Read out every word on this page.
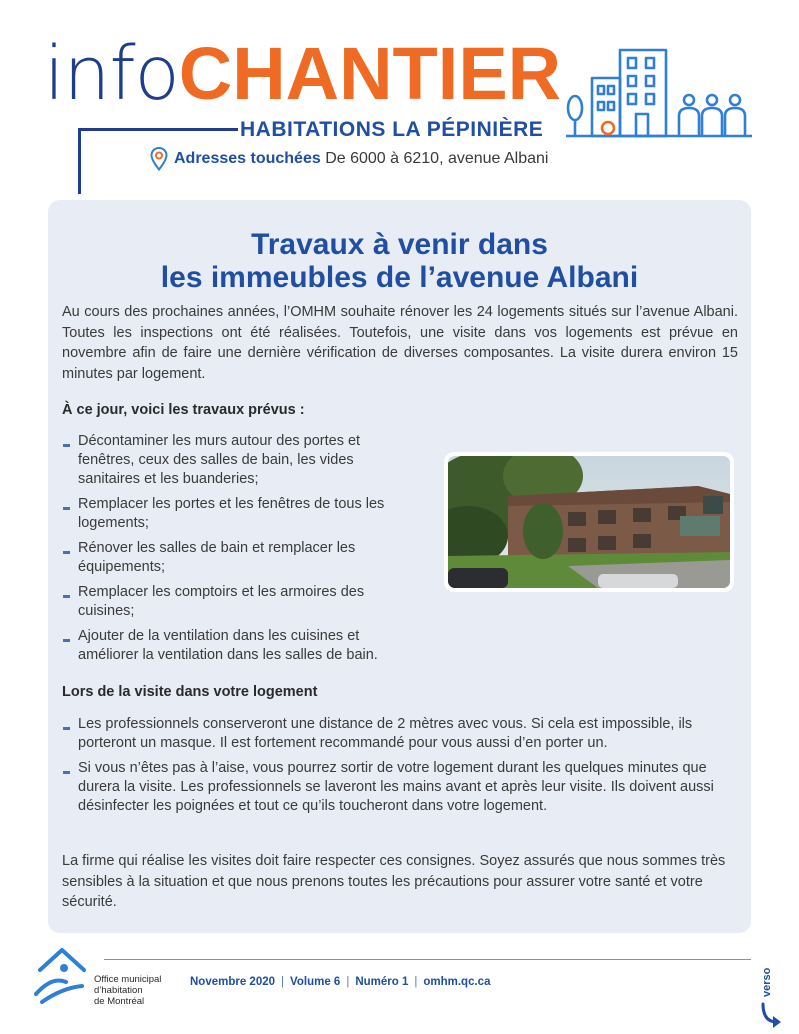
infoCHANTIER
HABITATIONS LA PÉPINIÈRE
Adresses touchées De 6000 à 6210, avenue Albani
Travaux à venir dans
les immeubles de l’avenue Albani
Au cours des prochaines années, l’OMHM souhaite rénover les 24 logements situés sur l’avenue Albani. Toutes les inspections ont été réalisées. Toutefois, une visite dans vos logements est prévue en novembre afin de faire une dernière vérification de diverses composantes. La visite durera environ 15 minutes par logement.
À ce jour, voici les travaux prévus :
Décontaminer les murs autour des portes et fenêtres, ceux des salles de bain, les vides sanitaires et les buanderies;
Remplacer les portes et les fenêtres de tous les logements;
Rénover les salles de bain et remplacer les équipements;
Remplacer les comptoirs et les armoires des cuisines;
Ajouter de la ventilation dans les cuisines et améliorer la ventilation dans les salles de bain.
Lors de la visite dans votre logement
Les professionnels conserveront une distance de 2 mètres avec vous. Si cela est impossible, ils porteront un masque. Il est fortement recommandé pour vous aussi d’en porter un.
Si vous n’êtes pas à l’aise, vous pourrez sortir de votre logement durant les quelques minutes que durera la visite. Les professionnels se laveront les mains avant et après leur visite. Ils doivent aussi désinfecter les poignées et tout ce qu’ils toucheront dans votre logement.
La firme qui réalise les visites doit faire respecter ces consignes. Soyez assurés que nous sommes très sensibles à la situation et que nous prenons toutes les précautions pour assurer votre santé et votre sécurité.
Office municipal
d’habitation
de Montréal
Novembre 2020 | Volume 6 | Numéro 1 | omhm.qc.ca	verso
